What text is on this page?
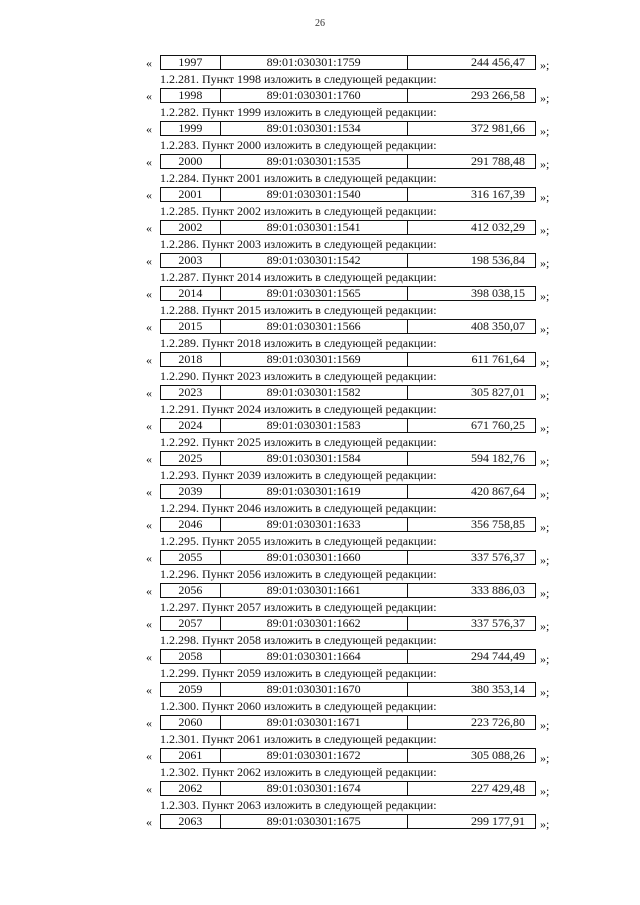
26
«	1997	89:01:030301:1759	244 456,47	»;
1.2.281. Пункт 1998 изложить в следующей редакции:
«	1998	89:01:030301:1760	293 266,58	»;
1.2.282. Пункт 1999 изложить в следующей редакции:
«	1999	89:01:030301:1534	372 981,66	»;
1.2.283. Пункт 2000 изложить в следующей редакции:
«	2000	89:01:030301:1535	291 788,48	»;
1.2.284. Пункт 2001 изложить в следующей редакции:
«	2001	89:01:030301:1540	316 167,39	»;
1.2.285. Пункт 2002 изложить в следующей редакции:
«	2002	89:01:030301:1541	412 032,29	»;
1.2.286. Пункт 2003 изложить в следующей редакции:
«	2003	89:01:030301:1542	198 536,84	»;
1.2.287. Пункт 2014 изложить в следующей редакции:
«	2014	89:01:030301:1565	398 038,15	»;
1.2.288. Пункт 2015 изложить в следующей редакции:
«	2015	89:01:030301:1566	408 350,07	»;
1.2.289. Пункт 2018 изложить в следующей редакции:
«	2018	89:01:030301:1569	611 761,64	»;
1.2.290. Пункт 2023 изложить в следующей редакции:
«	2023	89:01:030301:1582	305 827,01	»;
1.2.291. Пункт 2024 изложить в следующей редакции:
«	2024	89:01:030301:1583	671 760,25	»;
1.2.292. Пункт 2025 изложить в следующей редакции:
«	2025	89:01:030301:1584	594 182,76	»;
1.2.293. Пункт 2039 изложить в следующей редакции:
«	2039	89:01:030301:1619	420 867,64	»;
1.2.294. Пункт 2046 изложить в следующей редакции:
«	2046	89:01:030301:1633	356 758,85	»;
1.2.295. Пункт 2055 изложить в следующей редакции:
«	2055	89:01:030301:1660	337 576,37	»;
1.2.296. Пункт 2056 изложить в следующей редакции:
«	2056	89:01:030301:1661	333 886,03	»;
1.2.297. Пункт 2057 изложить в следующей редакции:
«	2057	89:01:030301:1662	337 576,37	»;
1.2.298. Пункт 2058 изложить в следующей редакции:
«	2058	89:01:030301:1664	294 744,49	»;
1.2.299. Пункт 2059 изложить в следующей редакции:
«	2059	89:01:030301:1670	380 353,14	»;
1.2.300. Пункт 2060 изложить в следующей редакции:
«	2060	89:01:030301:1671	223 726,80	»;
1.2.301. Пункт 2061 изложить в следующей редакции:
«	2061	89:01:030301:1672	305 088,26	»;
1.2.302. Пункт 2062 изложить в следующей редакции:
«	2062	89:01:030301:1674	227 429,48	»;
1.2.303. Пункт 2063 изложить в следующей редакции:
«	2063	89:01:030301:1675	299 177,91	»;
